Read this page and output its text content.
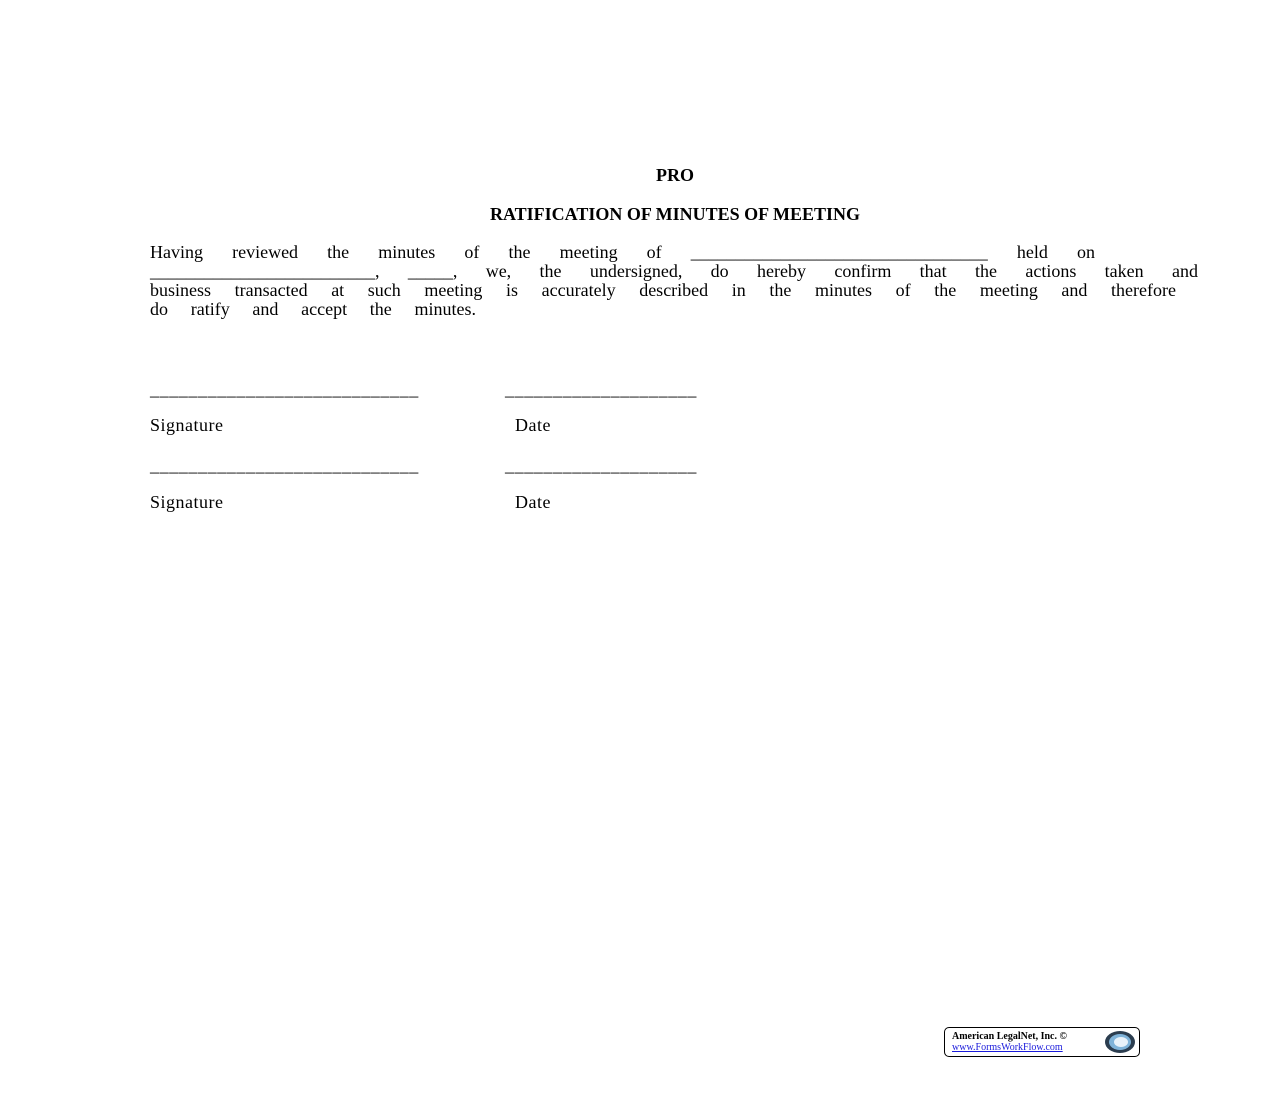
PRO
RATIFICATION OF MINUTES OF MEETING
Having reviewed the minutes of the meeting of _________________________________ held on
_________________________, _____, we, the undersigned, do hereby confirm that the actions taken and
business transacted at such meeting is accurately described in the minutes of the meeting and therefore
do ratify and accept the minutes.
____________________________	____________________
Signature	Date
____________________________	____________________
Signature	Date
American LegalNet, Inc. ©
www.FormsWorkFlow.com
